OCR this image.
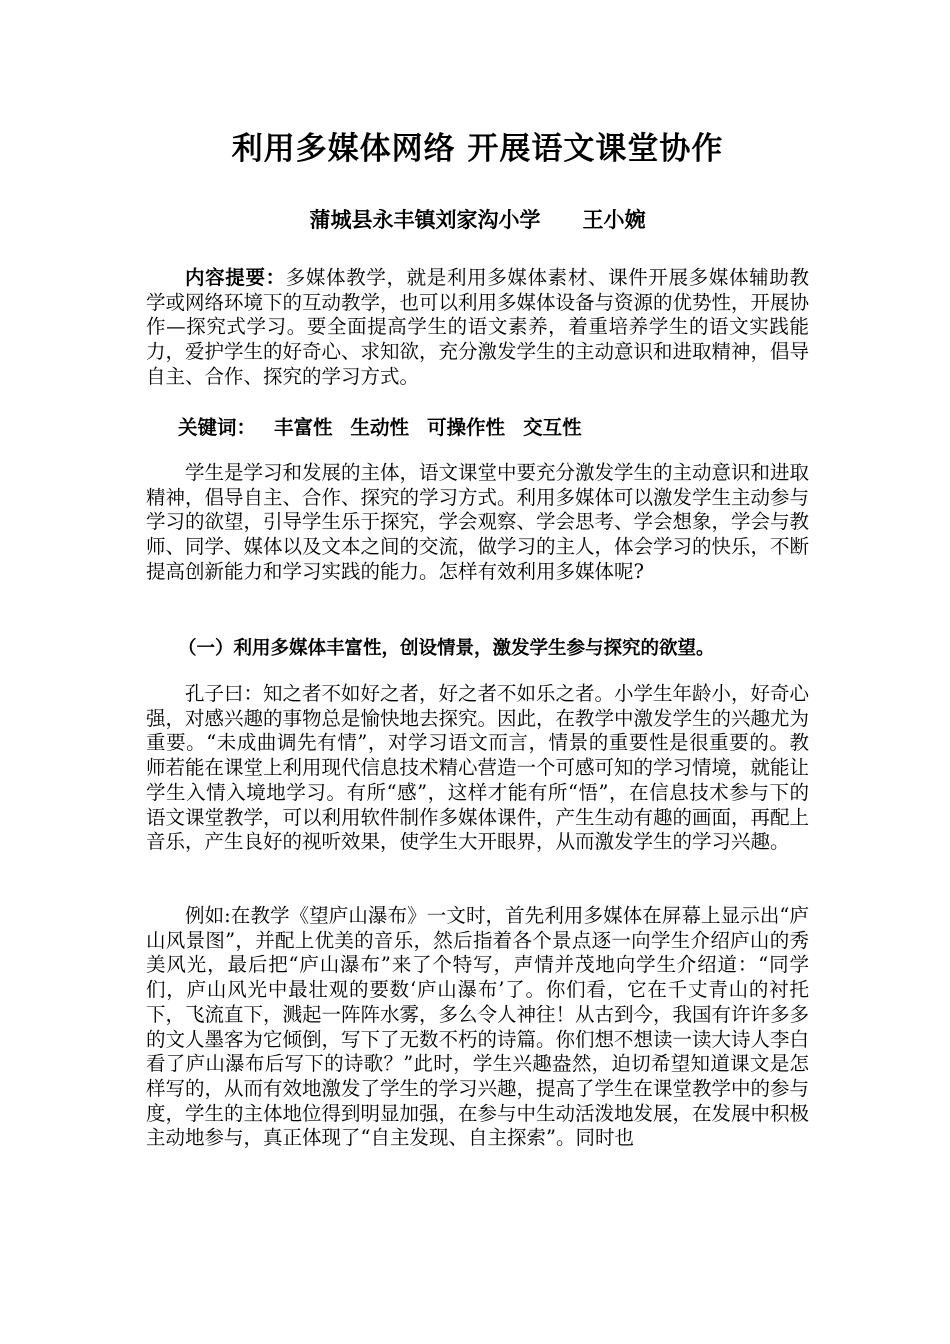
利用多媒体网络 开展语文课堂协作
蒲城县永丰镇刘家沟小学 王小婉

内容提要：多媒体教学，就是利用多媒体素材、课件开展多媒体辅助教学或网络环境下的互动教学，也可以利用多媒体设备与资源的优势性，开展协作—探究式学习。要全面提高学生的语文素养，着重培养学生的语文实践能力，爱护学生的好奇心、求知欲，充分激发学生的主动意识和进取精神，倡导自主、合作、探究的学习方式。

关键词： 丰富性 生动性 可操作性 交互性

学生是学习和发展的主体，语文课堂中要充分激发学生的主动意识和进取精神，倡导自主、合作、探究的学习方式。利用多媒体可以激发学生主动参与学习的欲望，引导学生乐于探究，学会观察、学会思考、学会想象，学会与教师、同学、媒体以及文本之间的交流，做学习的主人，体会学习的快乐，不断提高创新能力和学习实践的能力。怎样有效利用多媒体呢?

（一）利用多媒体丰富性，创设情景，激发学生参与探究的欲望。

孔子曰：知之者不如好之者，好之者不如乐之者。小学生年龄小，好奇心强，对感兴趣的事物总是愉快地去探究。因此，在教学中激发学生的兴趣尤为重要。“未成曲调先有情”，对学习语文而言，情景的重要性是很重要的。教师若能在课堂上利用现代信息技术精心营造一个可感可知的学习情境，就能让学生入情入境地学习。有所“感”，这样才能有所“悟”，在信息技术参与下的语文课堂教学，可以利用软件制作多媒体课件，产生生动有趣的画面，再配上音乐，产生良好的视听效果，使学生大开眼界，从而激发学生的学习兴趣。

例如:在教学《望庐山瀑布》一文时，首先利用多媒体在屏幕上显示出“庐山风景图”，并配上优美的音乐，然后指着各个景点逐一向学生介绍庐山的秀美风光，最后把“庐山瀑布”来了个特写，声情并茂地向学生介绍道：“同学们，庐山风光中最壮观的要数‘庐山瀑布’了。你们看，它在千丈青山的衬托下，飞流直下，溅起一阵阵水雾，多么令人神往！从古到今，我国有许许多多的文人墨客为它倾倒，写下了无数不朽的诗篇。你们想不想读一读大诗人李白看了庐山瀑布后写下的诗歌？”此时，学生兴趣盎然，迫切希望知道课文是怎样写的，从而有效地激发了学生的学习兴趣，提高了学生在课堂教学中的参与度，学生的主体地位得到明显加强，在参与中生动活泼地发展，在发展中积极主动地参与，真正体现了“自主发现、自主探索”。同时也
